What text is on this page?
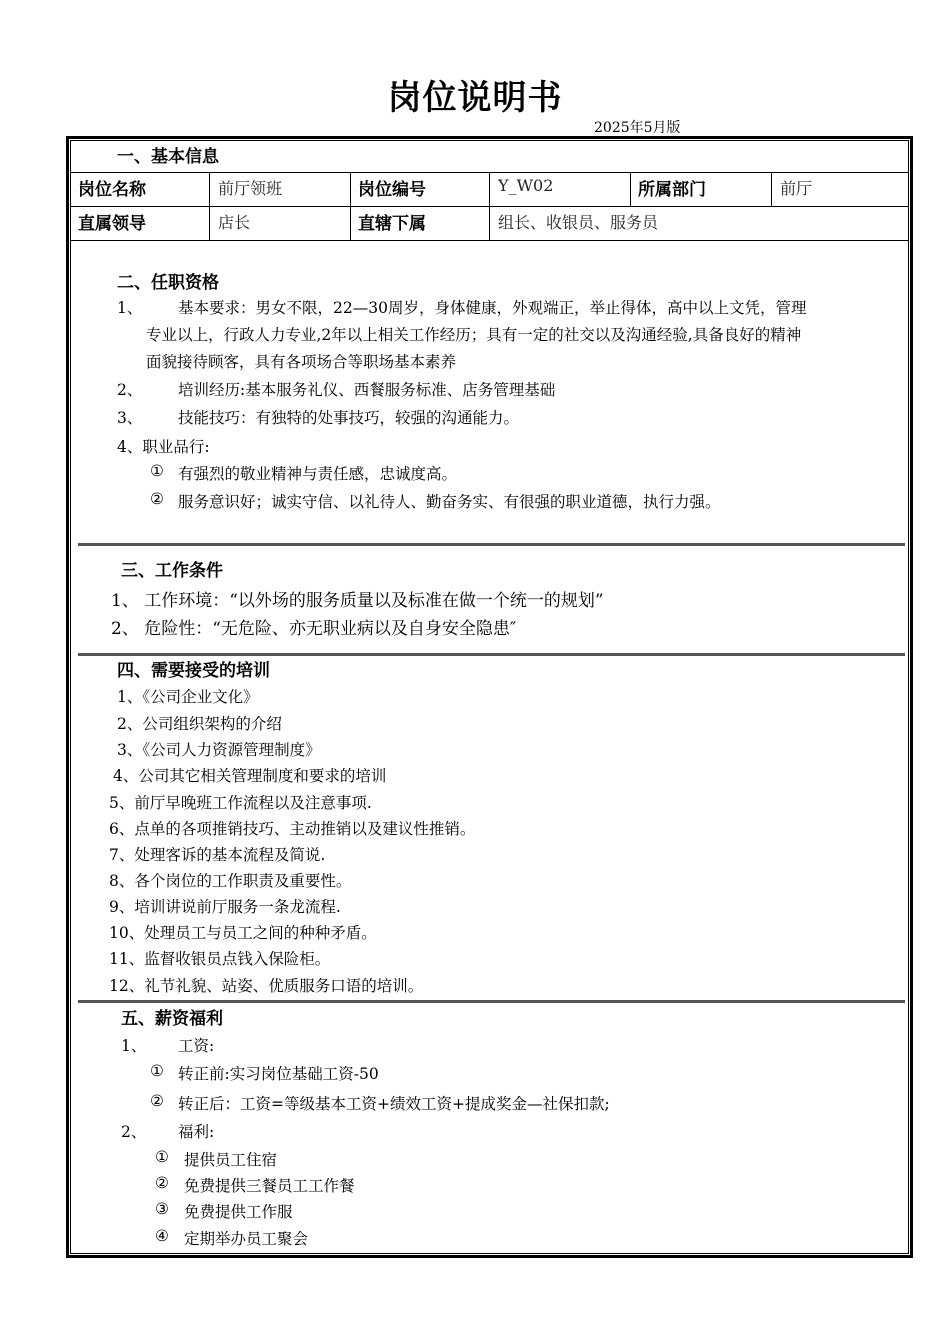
岗位说明书
2025年5月版
一、基本信息
岗位名称	前厅领班	岗位编号	Y_W02	所属部门	前厅
直属领导	店长	直辖下属	组长、收银员、服务员
二、任职资格
1、 基本要求：男女不限，22—30周岁，身体健康，外观端正，举止得体，高中以上文凭，管理
专业以上，行政人力专业,2年以上相关工作经历；具有一定的社交以及沟通经验,具备良好的精神
面貌接待顾客，具有各项场合等职场基本素养
2、 培训经历:基本服务礼仪、西餐服务标准、店务管理基础
3、 技能技巧：有独特的处事技巧，较强的沟通能力。
4、职业品行:
① 有强烈的敬业精神与责任感，忠诚度高。
② 服务意识好；诚实守信、以礼待人、勤奋务实、有很强的职业道德，执行力强。
三、工作条件
1、 工作环境：“以外场的服务质量以及标准在做一个统一的规划”
2、 危险性：“无危险、亦无职业病以及自身安全隐患″
四、需要接受的培训
1、《公司企业文化》
2、公司组织架构的介绍
3、《公司人力资源管理制度》
4、公司其它相关管理制度和要求的培训
5、前厅早晚班工作流程以及注意事项.
6、点单的各项推销技巧、主动推销以及建议性推销。
7、处理客诉的基本流程及简说.
8、各个岗位的工作职责及重要性。
9、培训讲说前厅服务一条龙流程.
10、处理员工与员工之间的种种矛盾。
11、监督收银员点钱入保险柜。
12、礼节礼貌、站姿、优质服务口语的培训。
五、薪资福利
1、 工资:
① 转正前:实习岗位基础工资-50
② 转正后：工资=等级基本工资+绩效工资+提成奖金—社保扣款;
2、 福利:
① 提供员工住宿
② 免费提供三餐员工工作餐
③ 免费提供工作服
④ 定期举办员工聚会
